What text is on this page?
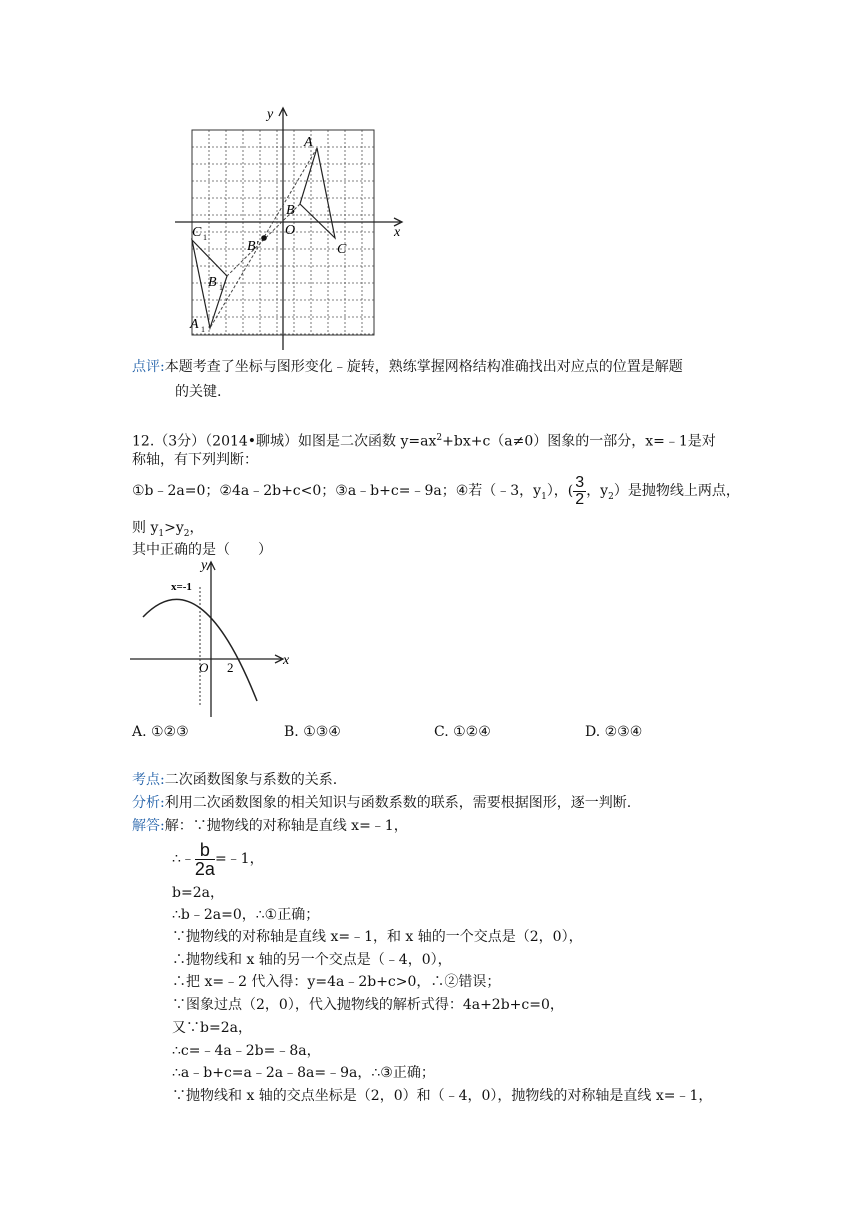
x
y
A
B
O
C
C 1
B'
B 1
A 1
点评:本题考查了坐标与图形变化﹣旋转，熟练掌握网格结构准确找出对应点的位置是解题
的关键.
12.（3分）（2014•聊城）如图是二次函数 $y=ax^2+bx+c(a\ne 0)$图象的一部分，x=﹣1是对
称轴，有下列判断：
①b﹣2a=0；②4a﹣2b+c<0；③a﹣b+c=﹣9a；④若（﹣3，$y_1$），( $\frac{3}{2}$ ，$y_2$）是抛物线上两点，
则 $y_1>y_2$，
其中正确的是（　　）
x
y
O 2
x=-1
A. ①②③	B. ①③④	C. ①②④	D. ②③④
考点:二次函数图象与系数的关系.
分析:利用二次函数图象的相关知识与函数系数的联系，需要根据图形，逐一判断.
解答:解：∵抛物线的对称轴是直线 x=﹣1，
∴﹣ $\frac{b}{2a}$ =﹣1，
b=2a，
∴b﹣2a=0，∴①正确；
∵抛物线的对称轴是直线 x=﹣1，和 x 轴的一个交点是（2，0），
∴抛物线和 x 轴的另一个交点是（﹣4，0），
∴把 x=﹣2 代入得：y=4a﹣2b+c>0，∴②错误；
∵图象过点（2，0），代入抛物线的解析式得：4a+2b+c=0，
又∵b=2a，
∴c=﹣4a﹣2b=﹣8a，
∴a﹣b+c=a﹣2a﹣8a=﹣9a，∴③正确；
∵抛物线和 x 轴的交点坐标是（2，0）和（﹣4，0），抛物线的对称轴是直线 x=﹣1，
